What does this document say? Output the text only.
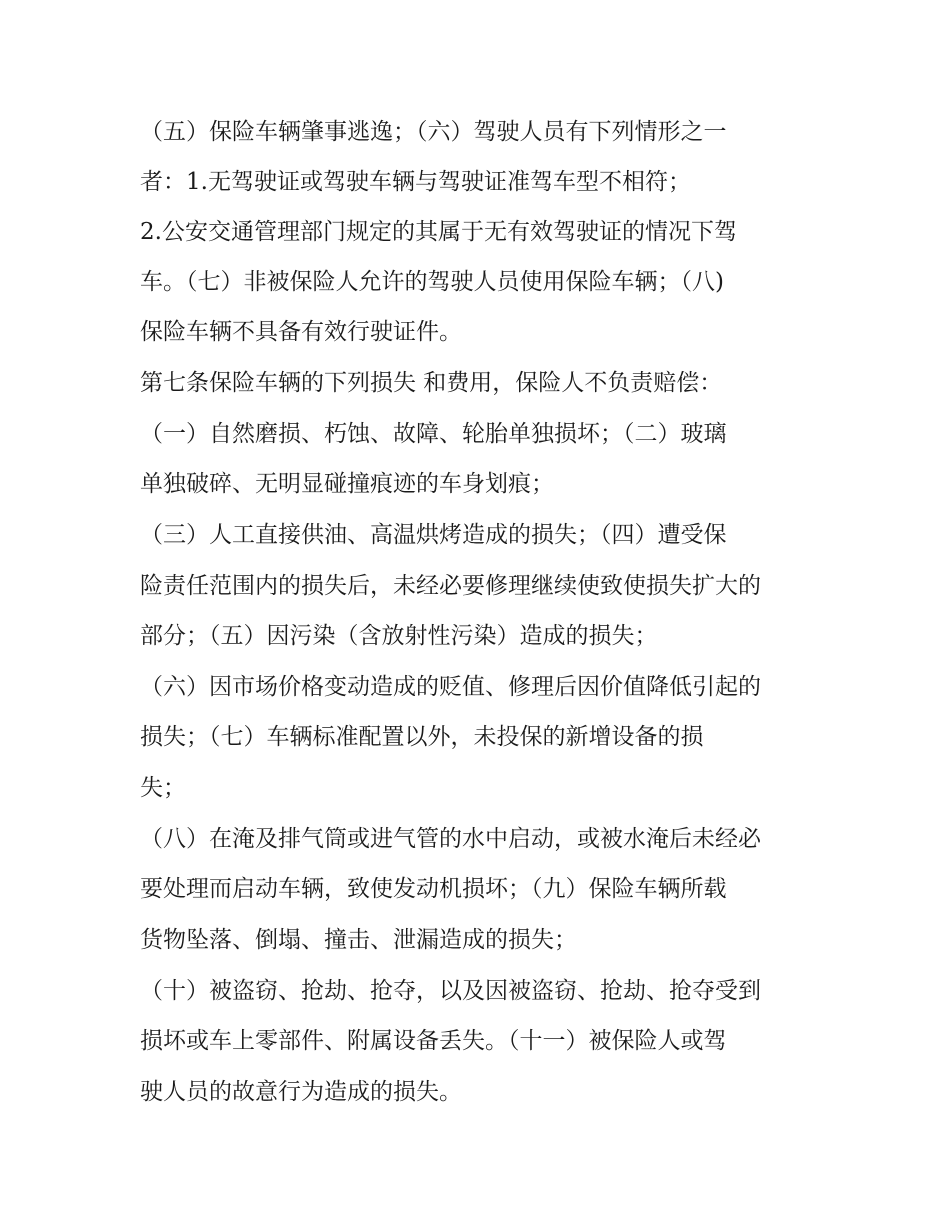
（五）保险车辆肇事逃逸；（六）驾驶人员有下列情形之一

者：1.无驾驶证或驾驶车辆与驾驶证准驾车型不相符；

2.公安交通管理部门规定的其属于无有效驾驶证的情况下驾

车。（七）非被保险人允许的驾驶人员使用保险车辆；（八)

保险车辆不具备有效行驶证件。

第七条保险车辆的下列损失 和费用，保险人不负责赔偿：

（一）自然磨损、朽蚀、故障、轮胎单独损坏；（二）玻璃

单独破碎、无明显碰撞痕迹的车身划痕；

（三）人工直接供油、高温烘烤造成的损失；（四）遭受保

险责任范围内的损失后，未经必要修理继续使致使损失扩大的

部分；（五）因污染（含放射性污染）造成的损失；

（六）因市场价格变动造成的贬值、修理后因价值降低引起的

损失；（七）车辆标准配置以外，未投保的新增设备的损

失；

（八）在淹及排气筒或进气管的水中启动，或被水淹后未经必

要处理而启动车辆，致使发动机损坏；（九）保险车辆所载

货物坠落、倒塌、撞击、泄漏造成的损失；

（十）被盗窃、抢劫、抢夺，以及因被盗窃、抢劫、抢夺受到

损坏或车上零部件、附属设备丢失。（十一）被保险人或驾

驶人员的故意行为造成的损失。
